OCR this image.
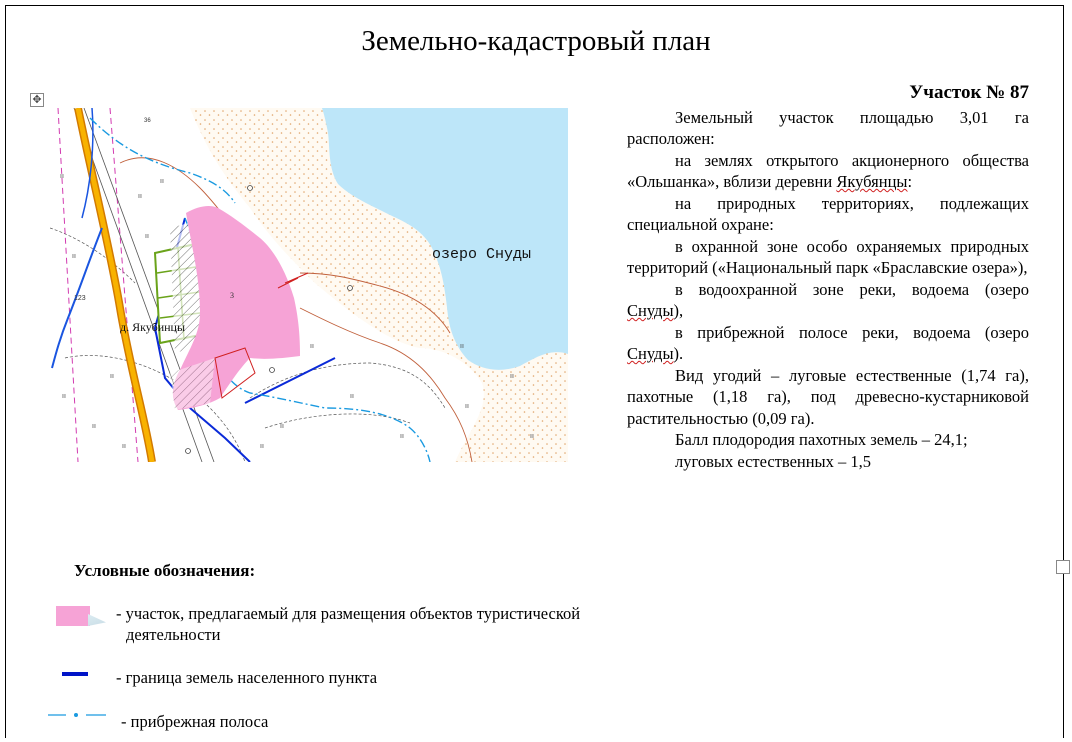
Земельно-кадастровый план
✥
3
д. Якубинцы
озеро Снуды
36
123
ıı
ıı
ıı
ıı
ıı
ıı
ıı
ıı	ıı
ıı
ıı
ıı
ıı
ıı
ıı
ıı
ıı
ıı
Участок № 87

Земельный участок площадью 3,01 га расположен:

на землях открытого акционерного общества «Ольшанка», вблизи деревни Якубянцы:

на природных территориях, подлежащих специальной охране:

в охранной зоне особо охраняемых природных территорий («Национальный парк «Браславские озера»),

в водоохранной зоне реки, водоема (озеро Снуды),

в прибрежной полосе реки, водоема (озеро Снуды).

Вид угодий – луговые естественные (1,74 га), пахотные (1,18 га), под древесно-кустарниковой растительностью (0,09 га).

Балл плодородия пахотных земель – 24,1;

луговых естественных – 1,5

Условные обозначения:
- участок, предлагаемый для размещения объектов туристической
деятельности
- граница земель населенного пункта
- прибрежная полоса
